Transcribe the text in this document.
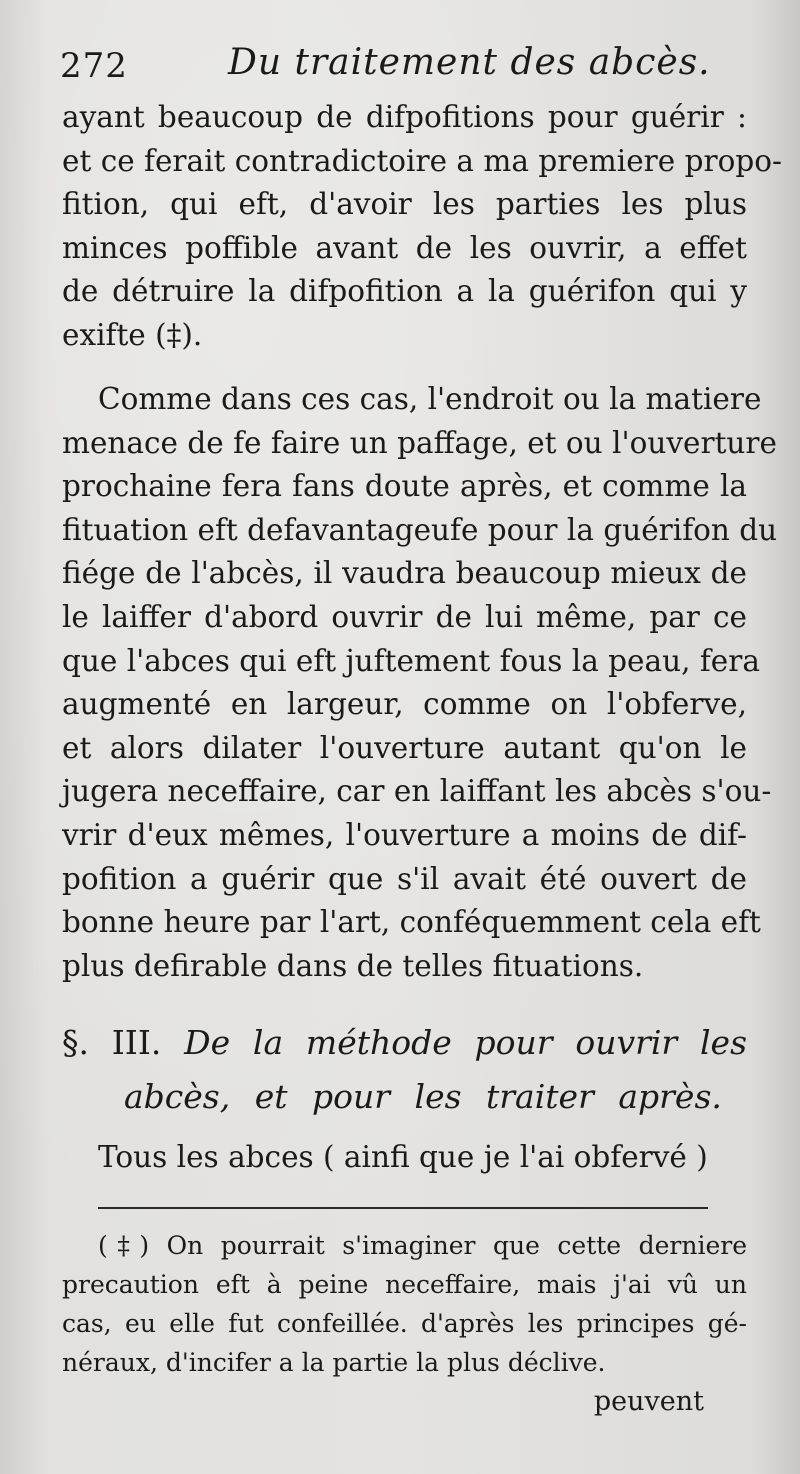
272	Du traitement des abcès.
ayant beaucoup de difpofitions pour guérir :
et ce ferait contradictoire a ma premiere propo-
fition, qui eft, d'avoir les parties les plus
minces poffible avant de les ouvrir, a effet
de détruire la difpofition a la guérifon qui y
exifte (‡).
Comme dans ces cas, l'endroit ou la matiere
menace de fe faire un paffage, et ou l'ouverture
prochaine fera fans doute après, et comme la
fituation eft defavantageufe pour la guérifon du
fiége de l'abcès, il vaudra beaucoup mieux de
le laiffer d'abord ouvrir de lui même, par ce
que l'abces qui eft juftement fous la peau, fera
augmenté en largeur, comme on l'obferve,
et alors dilater l'ouverture autant qu'on le
jugera neceffaire, car en laiffant les abcès s'ou-
vrir d'eux mêmes, l'ouverture a moins de dif-
pofition a guérir que s'il avait été ouvert de
bonne heure par l'art, conféquemment cela eft
plus defirable dans de telles fituations.
§. III. De la méthode pour ouvrir les
abcès, et pour les traiter après.
Tous les abces ( ainfi que je l'ai obfervé )
(‡) On pourrait s'imaginer que cette derniere
precaution eft à peine neceffaire, mais j'ai vû un
cas, eu elle fut confeillée. d'après les principes gé-
néraux, d'incifer a la partie la plus déclive.
peuvent
